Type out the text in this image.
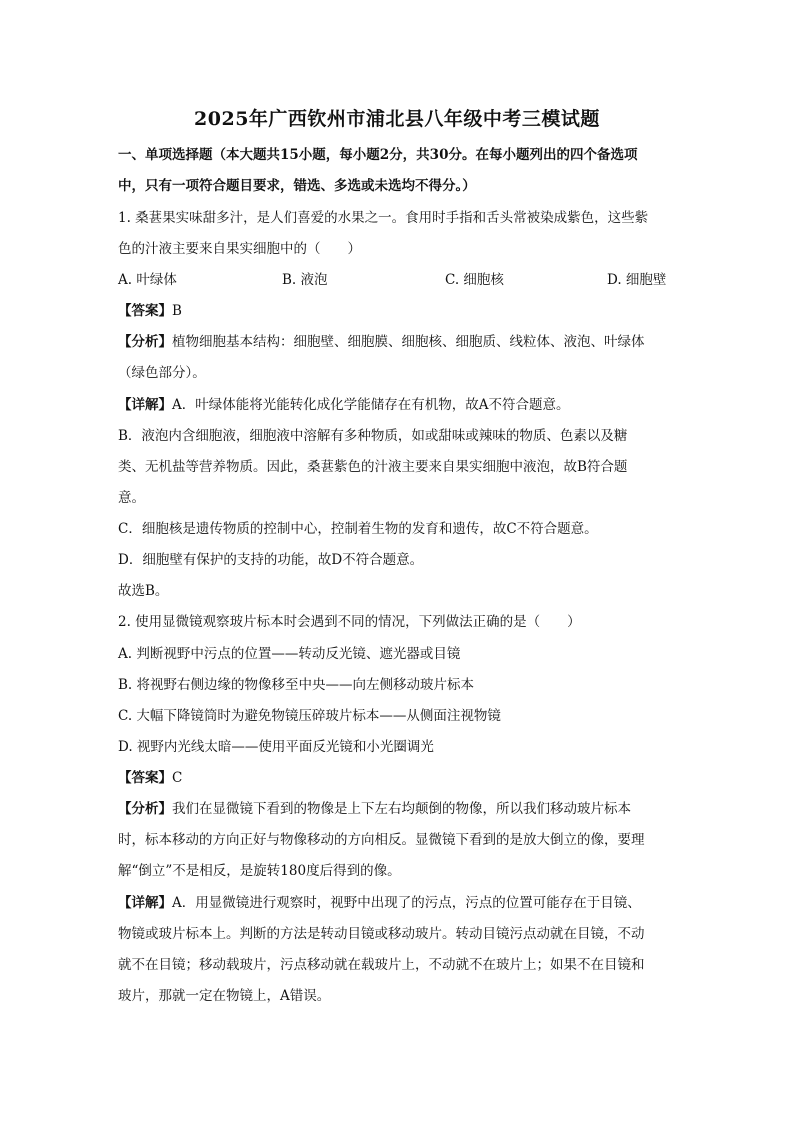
2025年广西钦州市浦北县八年级中考三模试题
一、单项选择题（本大题共15小题，每小题2分，共30分。在每小题列出的四个备选项
中，只有一项符合题目要求，错选、多选或未选均不得分。）
1. 桑葚果实味甜多汁，是人们喜爱的水果之一。食用时手指和舌头常被染成紫色，这些紫
色的汁液主要来自果实细胞中的（　　）
A. 叶绿体	B. 液泡	C. 细胞核	D. 细胞壁
【答案】B
【分析】植物细胞基本结构：细胞壁、细胞膜、细胞核、细胞质、线粒体、液泡、叶绿体
（绿色部分）。
【详解】A．叶绿体能将光能转化成化学能储存在有机物，故A不符合题意。
B．液泡内含细胞液，细胞液中溶解有多种物质，如或甜味或辣味的物质、色素以及糖
类、无机盐等营养物质。因此，桑葚紫色的汁液主要来自果实细胞中液泡，故B符合题
意。
C．细胞核是遗传物质的控制中心，控制着生物的发育和遗传，故C不符合题意。
D．细胞壁有保护的支持的功能，故D不符合题意。
故选B。
2. 使用显微镜观察玻片标本时会遇到不同的情况，下列做法正确的是（　　）
A. 判断视野中污点的位置——转动反光镜、遮光器或目镜
B. 将视野右侧边缘的物像移至中央——向左侧移动玻片标本
C. 大幅下降镜筒时为避免物镜压碎玻片标本——从侧面注视物镜
D. 视野内光线太暗——使用平面反光镜和小光圈调光
【答案】C
【分析】我们在显微镜下看到的物像是上下左右均颠倒的物像，所以我们移动玻片标本
时，标本移动的方向正好与物像移动的方向相反。显微镜下看到的是放大倒立的像，要理
解“倒立”不是相反，是旋转180度后得到的像。
【详解】A．用显微镜进行观察时，视野中出现了的污点，污点的位置可能存在于目镜、
物镜或玻片标本上。判断的方法是转动目镜或移动玻片。转动目镜污点动就在目镜，不动
就不在目镜；移动载玻片，污点移动就在载玻片上，不动就不在玻片上；如果不在目镜和
玻片，那就一定在物镜上，A错误。
